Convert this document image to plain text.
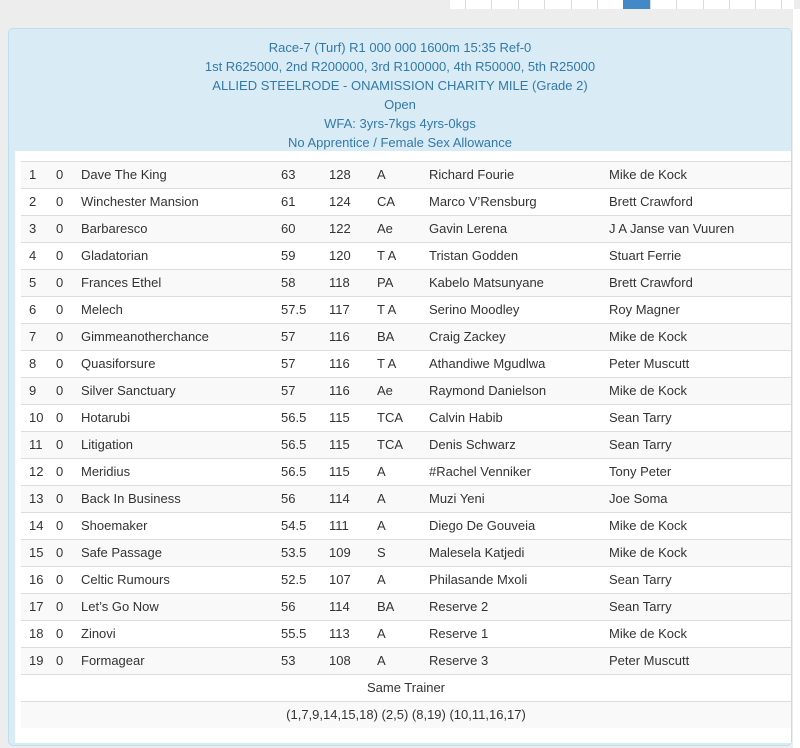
Race-7 (Turf) R1 000 000 1600m 15:35 Ref-0
1st R625000, 2nd R200000, 3rd R100000, 4th R50000, 5th R25000
ALLIED STEELRODE - ONAMISSION CHARITY MILE (Grade 2)
Open
WFA: 3yrs-7kgs 4yrs-0kgs
No Apprentice / Female Sex Allowance
1	0	Dave The King	63	128	A	Richard Fourie	Mike de Kock
2	0	Winchester Mansion	61	124	CA	Marco V’Rensburg	Brett Crawford
3	0	Barbaresco	60	122	Ae	Gavin Lerena	J A Janse van Vuuren
4	0	Gladatorian	59	120	T A	Tristan Godden	Stuart Ferrie
5	0	Frances Ethel	58	118	PA	Kabelo Matsunyane	Brett Crawford
6	0	Melech	57.5	117	T A	Serino Moodley	Roy Magner
7	0	Gimmeanotherchance	57	116	BA	Craig Zackey	Mike de Kock
8	0	Quasiforsure	57	116	T A	Athandiwe Mgudlwa	Peter Muscutt
9	0	Silver Sanctuary	57	116	Ae	Raymond Danielson	Mike de Kock
10	0	Hotarubi	56.5	115	TCA	Calvin Habib	Sean Tarry
11	0	Litigation	56.5	115	TCA	Denis Schwarz	Sean Tarry
12	0	Meridius	56.5	115	A	#Rachel Venniker	Tony Peter
13	0	Back In Business	56	114	A	Muzi Yeni	Joe Soma
14	0	Shoemaker	54.5	111	A	Diego De Gouveia	Mike de Kock
15	0	Safe Passage	53.5	109	S	Malesela Katjedi	Mike de Kock
16	0	Celtic Rumours	52.5	107	A	Philasande Mxoli	Sean Tarry
17	0	Let’s Go Now	56	114	BA	Reserve 2	Sean Tarry
18	0	Zinovi	55.5	113	A	Reserve 1	Mike de Kock
19	0	Formagear	53	108	A	Reserve 3	Peter Muscutt
Same Trainer							
(1,7,9,14,15,18) (2,5) (8,19) (10,11,16,17)							
